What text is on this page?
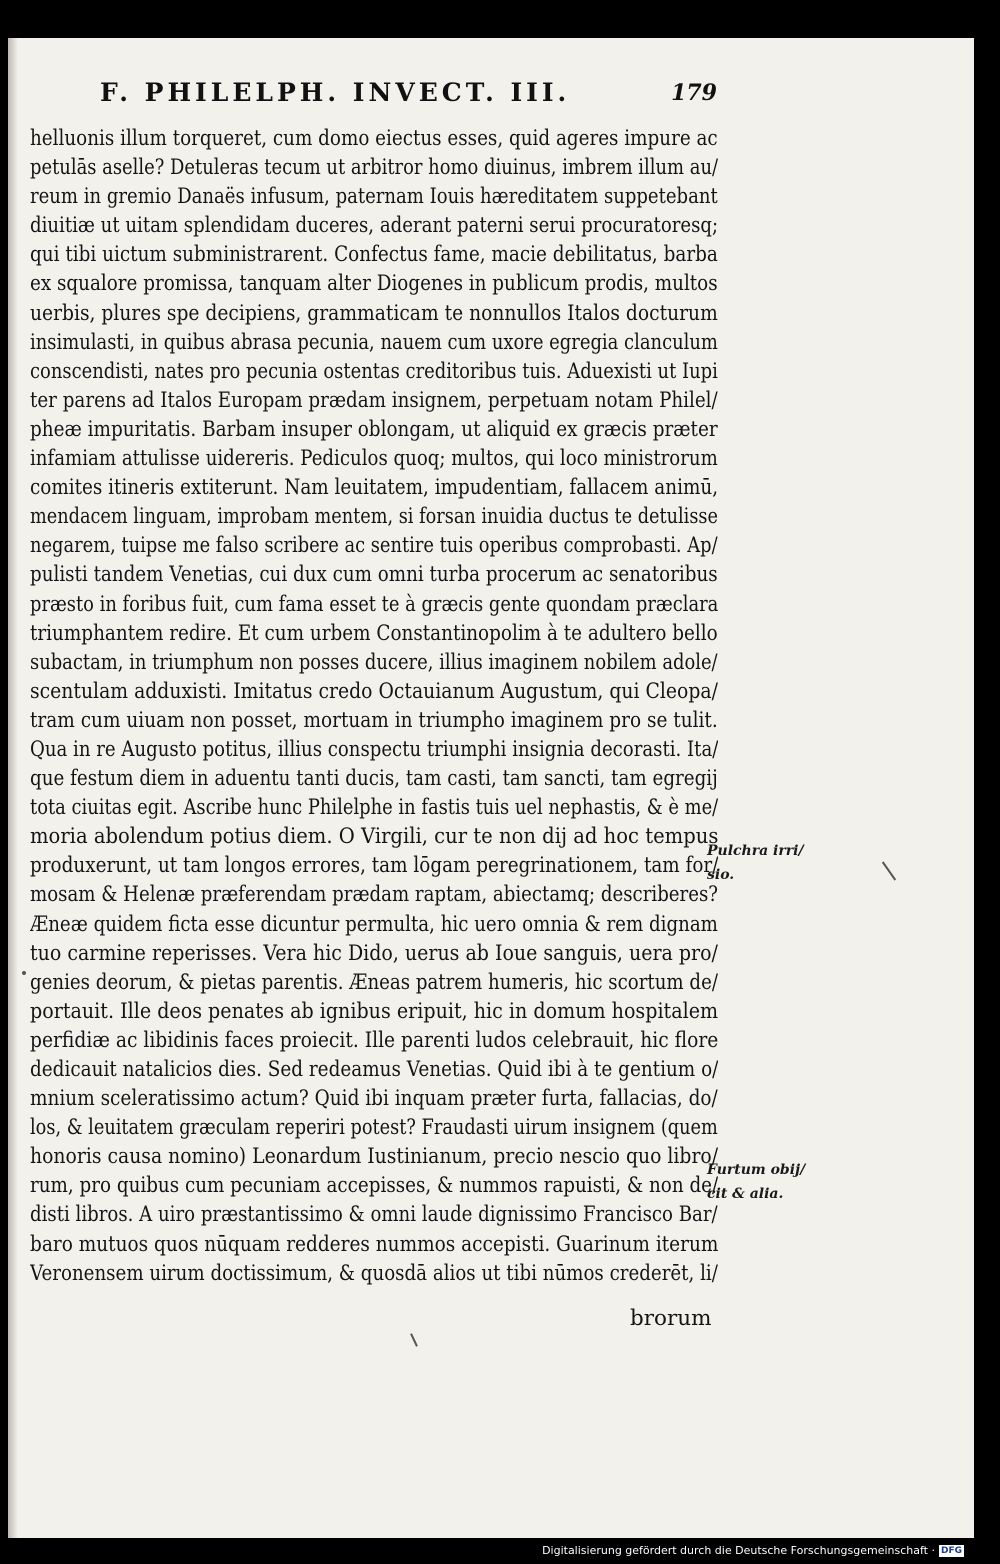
F. PHILELPH. INVECT. III.	179
helluonis illum torqueret, cum domo eiectus esses, quid ageres impure ac
petulās aselle? Detuleras tecum ut arbitror homo diuinus, imbrem illum au/
reum in gremio Danaës infusum, paternam Iouis hæreditatem suppetebant
diuitiæ ut uitam splendidam duceres, aderant paterni serui procuratoresq;
qui tibi uictum subministrarent. Confectus fame, macie debilitatus, barba
ex squalore promissa, tanquam alter Diogenes in publicum prodis, multos
uerbis, plures spe decipiens, grammaticam te nonnullos Italos docturum
insimulasti, in quibus abrasa pecunia, nauem cum uxore egregia clanculum
conscendisti, nates pro pecunia ostentas creditoribus tuis. Aduexisti ut Iupi
ter parens ad Italos Europam prædam insignem, perpetuam notam Philel/
pheæ impuritatis. Barbam insuper oblongam, ut aliquid ex græcis præter
infamiam attulisse uidereris. Pediculos quoq; multos, qui loco ministrorum
comites itineris extiterunt. Nam leuitatem, impudentiam, fallacem animū,
mendacem linguam, improbam mentem, si forsan inuidia ductus te detulisse
negarem, tuipse me falso scribere ac sentire tuis operibus comprobasti. Ap/
pulisti tandem Venetias, cui dux cum omni turba procerum ac senatoribus
præsto in foribus fuit, cum fama esset te à græcis gente quondam præclara
triumphantem redire. Et cum urbem Constantinopolim à te adultero bello
subactam, in triumphum non posses ducere, illius imaginem nobilem adole/
scentulam adduxisti. Imitatus credo Octauianum Augustum, qui Cleopa/
tram cum uiuam non posset, mortuam in triumpho imaginem pro se tulit.
Qua in re Augusto potitus, illius conspectu triumphi insignia decorasti. Ita/
que festum diem in aduentu tanti ducis, tam casti, tam sancti, tam egregij
tota ciuitas egit. Ascribe hunc Philelphe in fastis tuis uel nephastis, & è me/
moria abolendum potius diem. O Virgili, cur te non dij ad hoc tempus
produxerunt, ut tam longos errores, tam lōgam peregrinationem, tam for/
mosam & Helenæ præferendam prædam raptam, abiectamq; describeres?
Æneæ quidem ficta esse dicuntur permulta, hic uero omnia & rem dignam
tuo carmine reperisses. Vera hic Dido, uerus ab Ioue sanguis, uera pro/
genies deorum, & pietas parentis. Æneas patrem humeris, hic scortum de/
portauit. Ille deos penates ab ignibus eripuit, hic in domum hospitalem
perfidiæ ac libidinis faces proiecit. Ille parenti ludos celebrauit, hic flore
dedicauit natalicios dies. Sed redeamus Venetias. Quid ibi à te gentium o/
mnium sceleratissimo actum? Quid ibi inquam præter furta, fallacias, do/
los, & leuitatem græculam reperiri potest? Fraudasti uirum insignem (quem
honoris causa nomino) Leonardum Iustinianum, precio nescio quo libro/
rum, pro quibus cum pecuniam accepisses, & nummos rapuisti, & non de/
disti libros. A uiro præstantissimo & omni laude dignissimo Francisco Bar/
baro mutuos quos nūquam redderes nummos accepisti. Guarinum iterum
Veronensem uirum doctissimum, & quosdā alios ut tibi nūmos crederēt, li/
brorum
Pulchra irri/
sio.
Furtum obij/
cit & alia.
Digitalisierung gefördert durch die Deutsche Forschungsgemeinschaft · DFG
